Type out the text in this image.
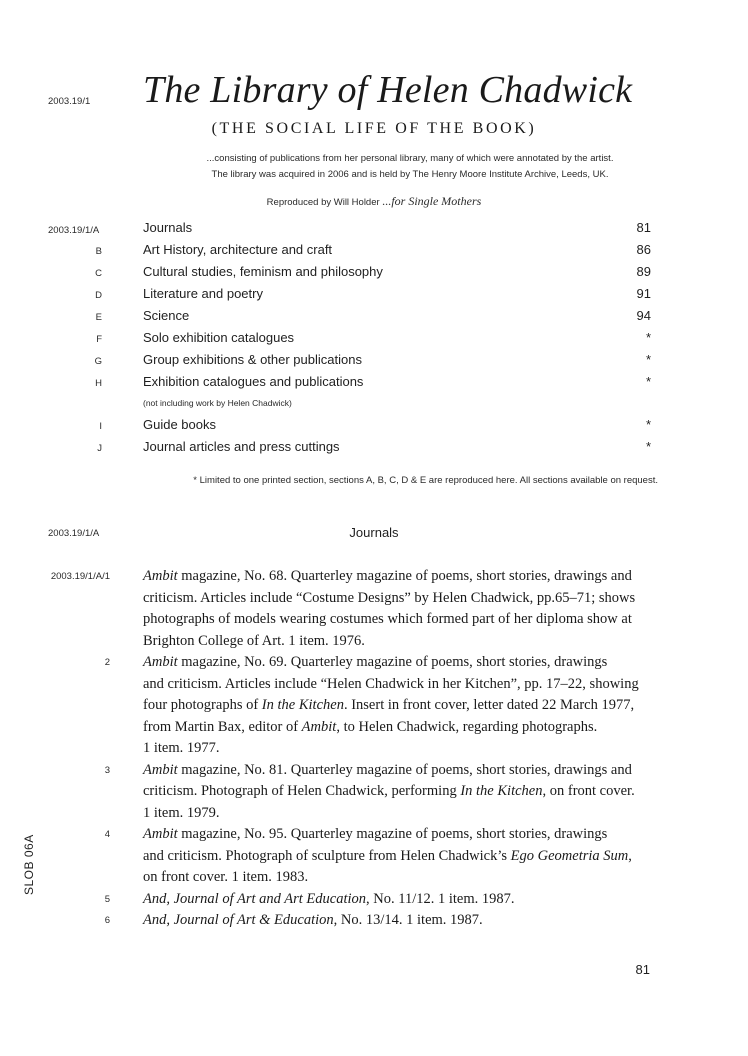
2003.19/1 The Library of Helen Chadwick
(THE SOCIAL LIFE OF THE BOOK)
...consisting of publications from her personal library, many of which were annotated by the artist.
The library was acquired in 2006 and is held by The Henry Moore Institute Archive, Leeds, UK.
Reproduced by Will Holder ...for Single Mothers
2003.19/1/A	Journals	81
B	Art History, architecture and craft	86
C	Cultural studies, feminism and philosophy	89
D	Literature and poetry	91
E	Science	94
F	Solo exhibition catalogues	*
G	Group exhibitions & other publications	*
H	Exhibition catalogues and publications	*
(not including work by Helen Chadwick)
I	Guide books	*
J	Journal articles and press cuttings	*
* Limited to one printed section, sections A, B, C, D & E are reproduced here. All sections available on request.
2003.19/1/A	Journals
2003.19/1/A/1 Ambit magazine, No. 68. Quarterley magazine of poems, short stories, drawings and
criticism. Articles include “Costume Designs” by Helen Chadwick, pp.65–71; shows
photographs of models wearing costumes which formed part of her diploma show at
Brighton College of Art. 1 item. 1976.
2 Ambit magazine, No. 69. Quarterley magazine of poems, short stories, drawings
and criticism. Articles include “Helen Chadwick in her Kitchen”, pp. 17–22, showing
four photographs of In the Kitchen. Insert in front cover, letter dated 22 March 1977,
from Martin Bax, editor of Ambit, to Helen Chadwick, regarding photographs.
1 item. 1977.
3 Ambit magazine, No. 81. Quarterley magazine of poems, short stories, drawings and
criticism. Photograph of Helen Chadwick, performing In the Kitchen, on front cover.
1 item. 1979.
4 Ambit magazine, No. 95. Quarterley magazine of poems, short stories, drawings
and criticism. Photograph of sculpture from Helen Chadwick’s Ego Geometria Sum,
on front cover. 1 item. 1983.
5 And, Journal of Art and Art Education, No. 11/12. 1 item. 1987.
6 And, Journal of Art & Education, No. 13/14. 1 item. 1987.
SLOB 06A
81
